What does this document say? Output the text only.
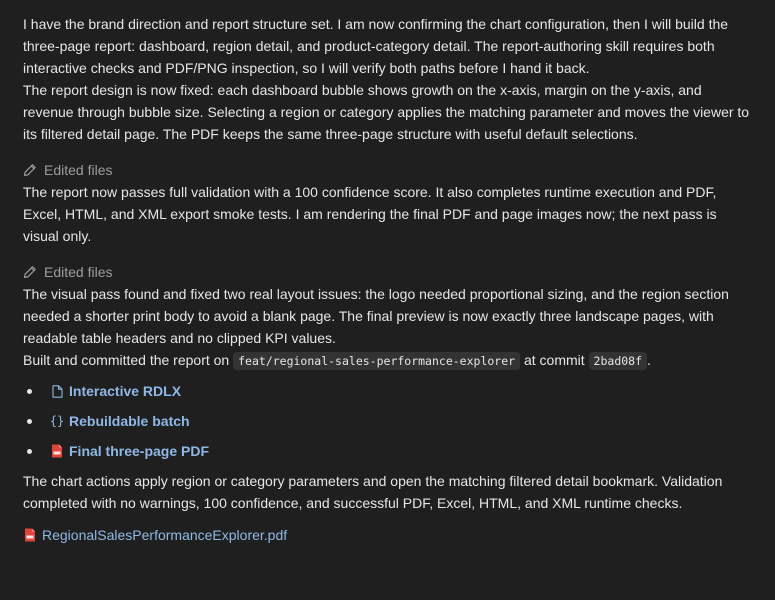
I have the brand direction and report structure set. I am now confirming the chart configuration, then I will build the three-page report: dashboard, region detail, and product-category detail. The report-authoring skill requires both interactive checks and PDF/PNG inspection, so I will verify both paths before I hand it back.

The report design is now fixed: each dashboard bubble shows growth on the x-axis, margin on the y-axis, and revenue through bubble size. Selecting a region or category applies the matching parameter and moves the viewer to its filtered detail page. The PDF keeps the same three-page structure with useful default selections.

Edited files

The report now passes full validation with a 100 confidence score. It also completes runtime execution and PDF, Excel, HTML, and XML export smoke tests. I am rendering the final PDF and page images now; the next pass is visual only.

Edited files

The visual pass found and fixed two real layout issues: the logo needed proportional sizing, and the region section needed a shorter print body to avoid a blank page. The final preview is now exactly three landscape pages, with readable table headers and no clipped KPI values.

Built and committed the report on feat/regional-sales-performance-explorer at commit 2bad08f .

Interactive RDLX
{} Rebuildable batch
Final three-page PDF

The chart actions apply region or category parameters and open the matching filtered detail bookmark. Validation completed with no warnings, 100 confidence, and successful PDF, Excel, HTML, and XML runtime checks.

RegionalSalesPerformanceExplorer.pdf
